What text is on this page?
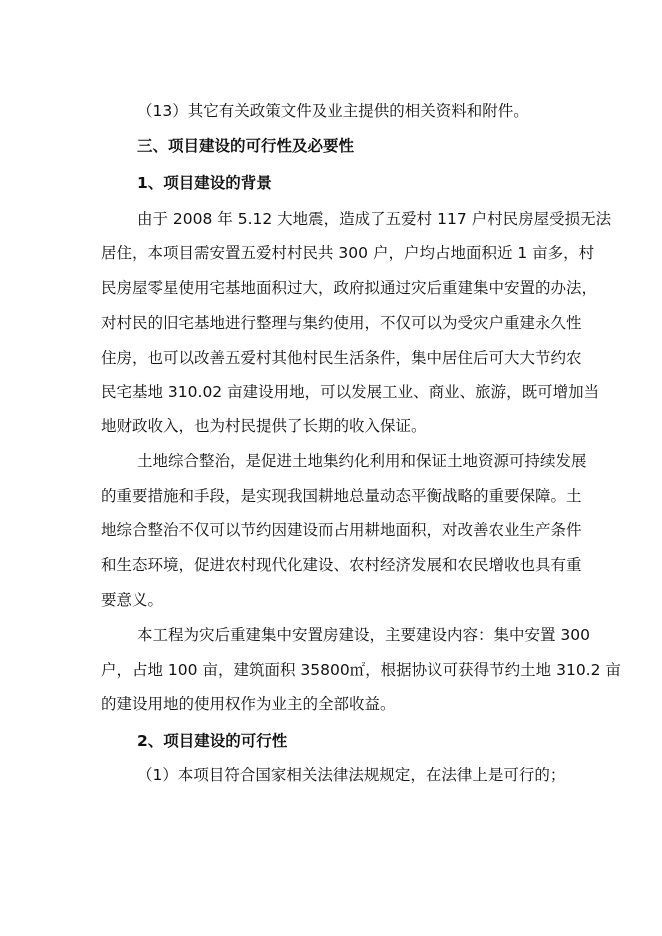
（13）其它有关政策文件及业主提供的相关资料和附件。
三、项目建设的可行性及必要性
1、项目建设的背景
由于 2008 年 5.12 大地震，造成了五爱村 117 户村民房屋受损无法
居住，本项目需安置五爱村村民共 300 户，户均占地面积近 1 亩多，村
民房屋零星使用宅基地面积过大，政府拟通过灾后重建集中安置的办法，
对村民的旧宅基地进行整理与集约使用，不仅可以为受灾户重建永久性
住房，也可以改善五爱村其他村民生活条件，集中居住后可大大节约农
民宅基地 310.02 亩建设用地，可以发展工业、商业、旅游，既可增加当
地财政收入，也为村民提供了长期的收入保证。
土地综合整治，是促进土地集约化利用和保证土地资源可持续发展
的重要措施和手段，是实现我国耕地总量动态平衡战略的重要保障。土
地综合整治不仅可以节约因建设而占用耕地面积，对改善农业生产条件
和生态环境，促进农村现代化建设、农村经济发展和农民增收也具有重
要意义。
本工程为灾后重建集中安置房建设，主要建设内容：集中安置 300
户，占地 100 亩，建筑面积 35800㎡，根据协议可获得节约土地 310.2 亩
的建设用地的使用权作为业主的全部收益。
2、项目建设的可行性
（1）本项目符合国家相关法律法规规定，在法律上是可行的；
